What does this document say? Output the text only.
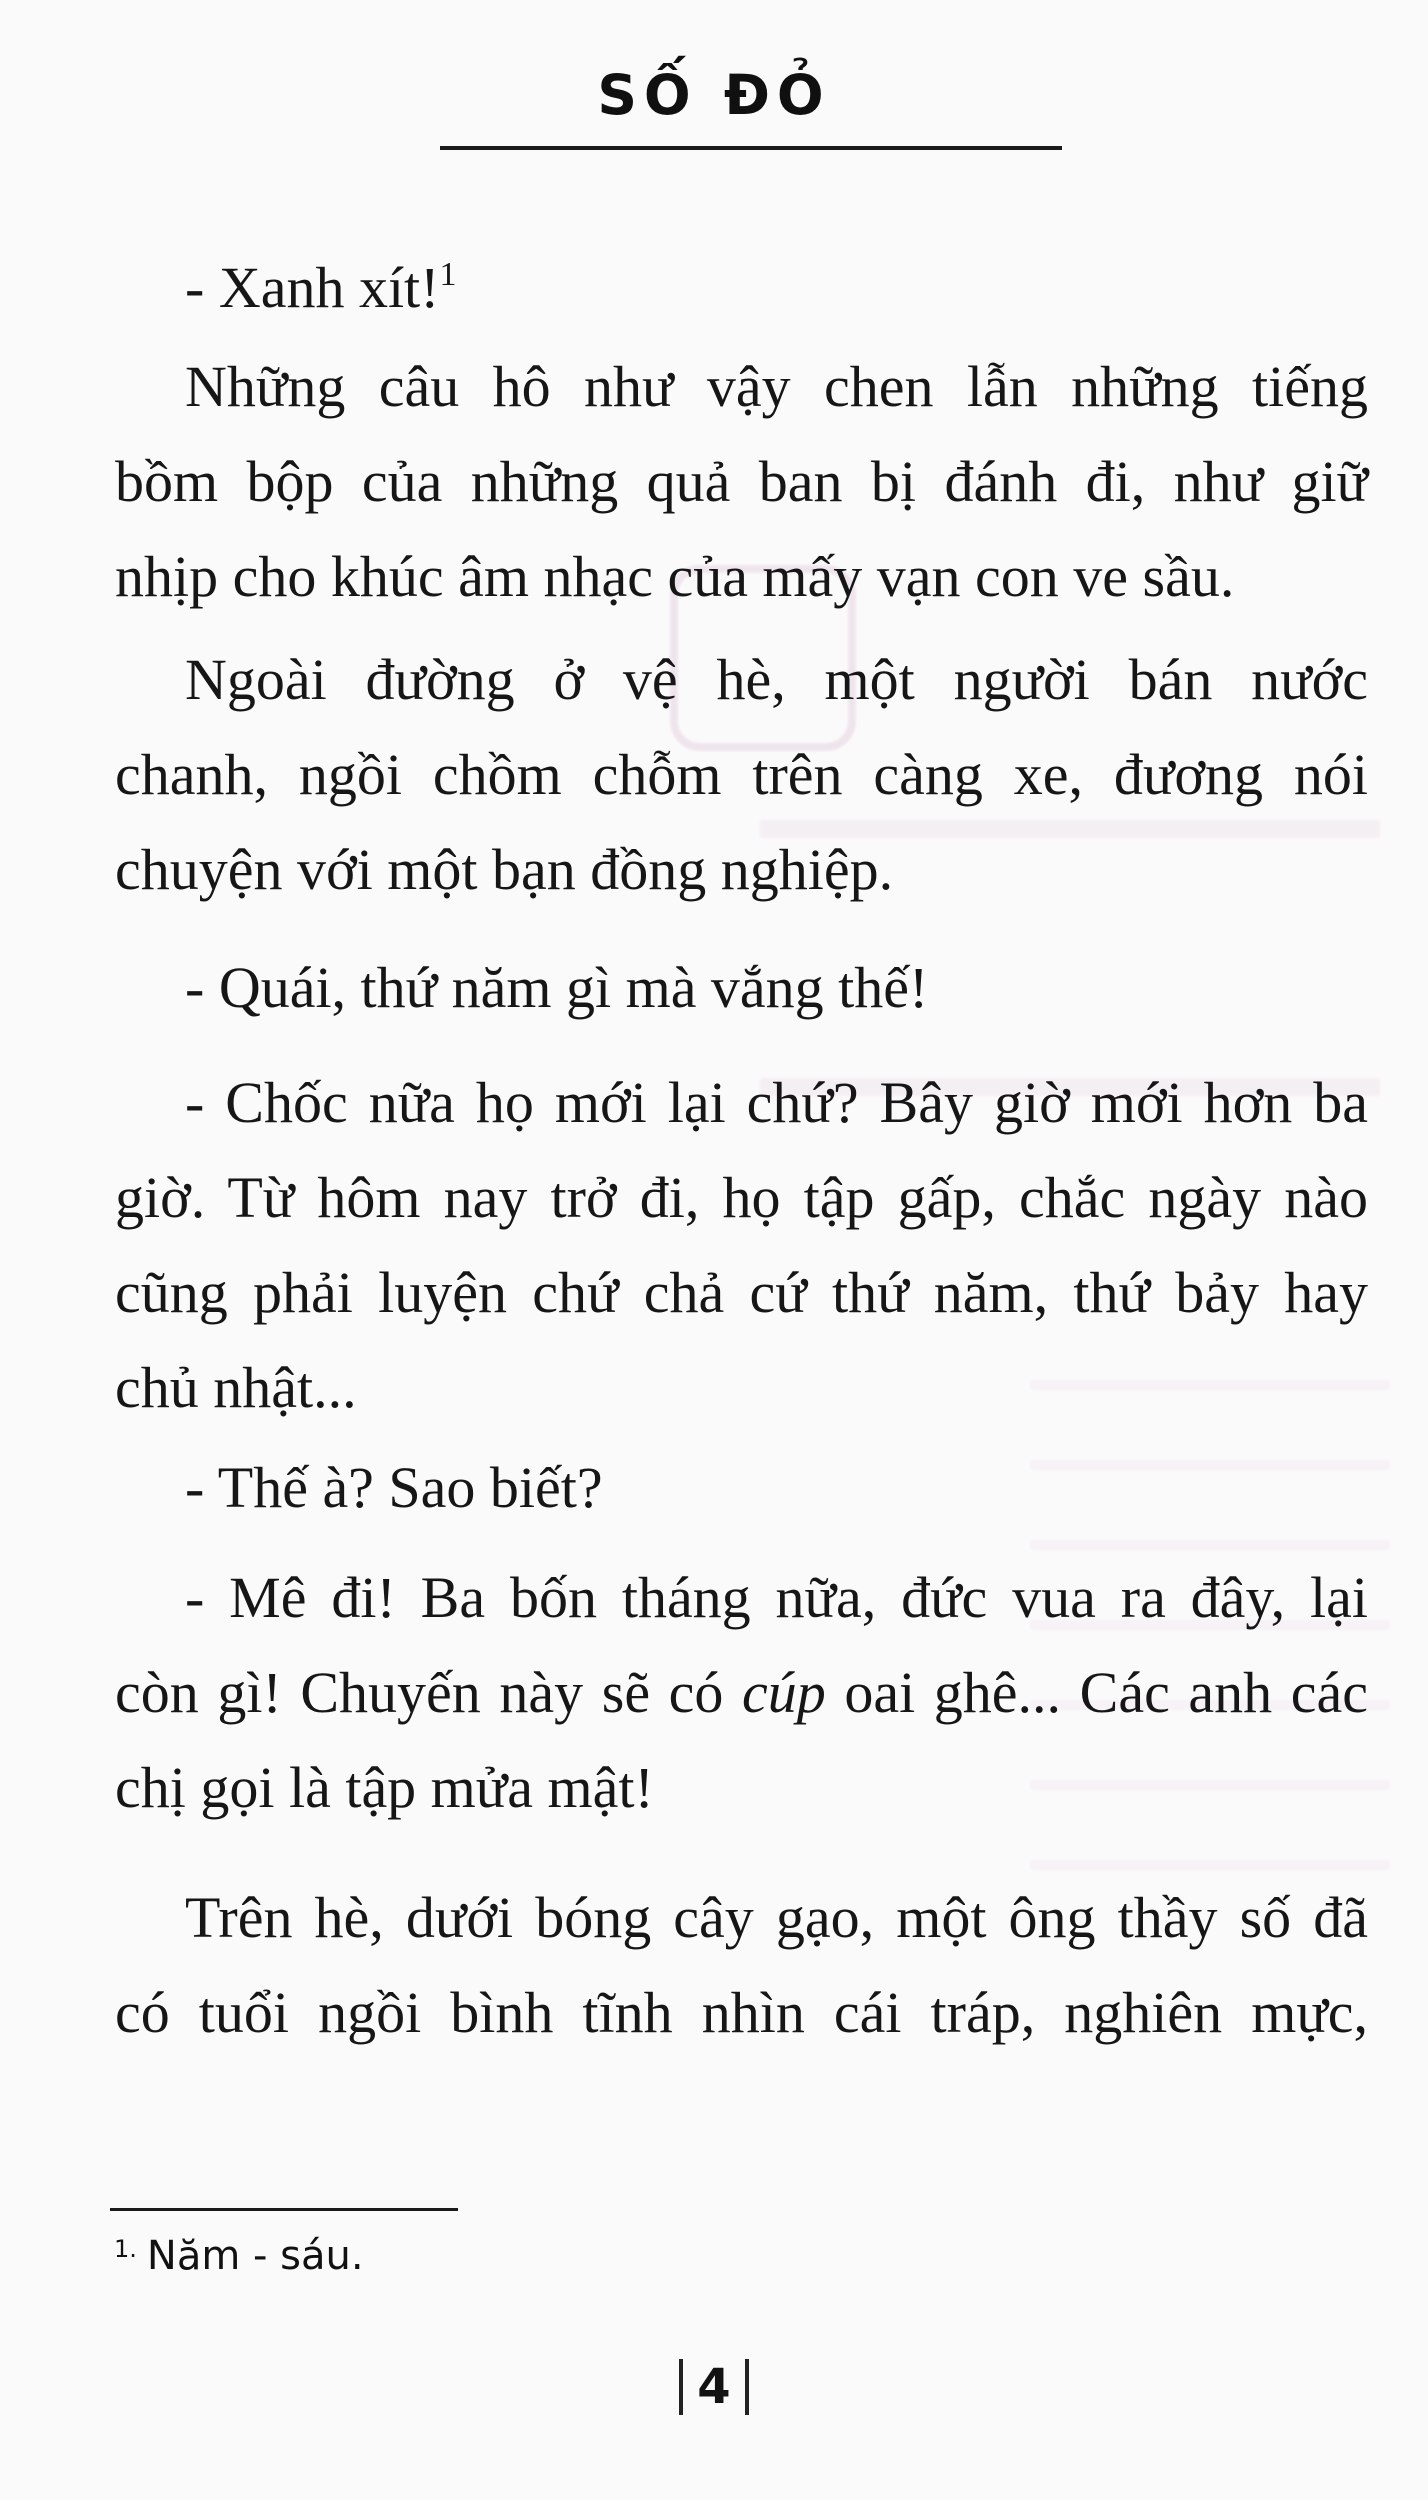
SỐ ĐỎ
- Xanh xít!$^1$
Những câu hô như vậy chen lẫn những tiếng
bồm bộp của những quả ban bị đánh đi, như giữ
nhịp cho khúc âm nhạc của mấy vạn con ve sầu.
Ngoài đường ở vệ hè, một người bán nước
chanh, ngồi chồm chỗm trên càng xe, đương nói
chuyện với một bạn đồng nghiệp.
- Quái, thứ năm gì mà vắng thế!
- Chốc nữa họ mới lại chứ? Bây giờ mới hơn ba
giờ. Từ hôm nay trở đi, họ tập gấp, chắc ngày nào
cũng phải luyện chứ chả cứ thứ năm, thứ bảy hay
chủ nhật...
- Thế à? Sao biết?
- Mê đi! Ba bốn tháng nữa, đức vua ra đây, lại
còn gì! Chuyến này sẽ có cúp oai ghê... Các anh các
chị gọi là tập mửa mật!
Trên hè, dưới bóng cây gạo, một ông thầy số đã
có tuổi ngồi bình tĩnh nhìn cái tráp, nghiên mực,
$^{1.}$ Năm - sáu.
4
